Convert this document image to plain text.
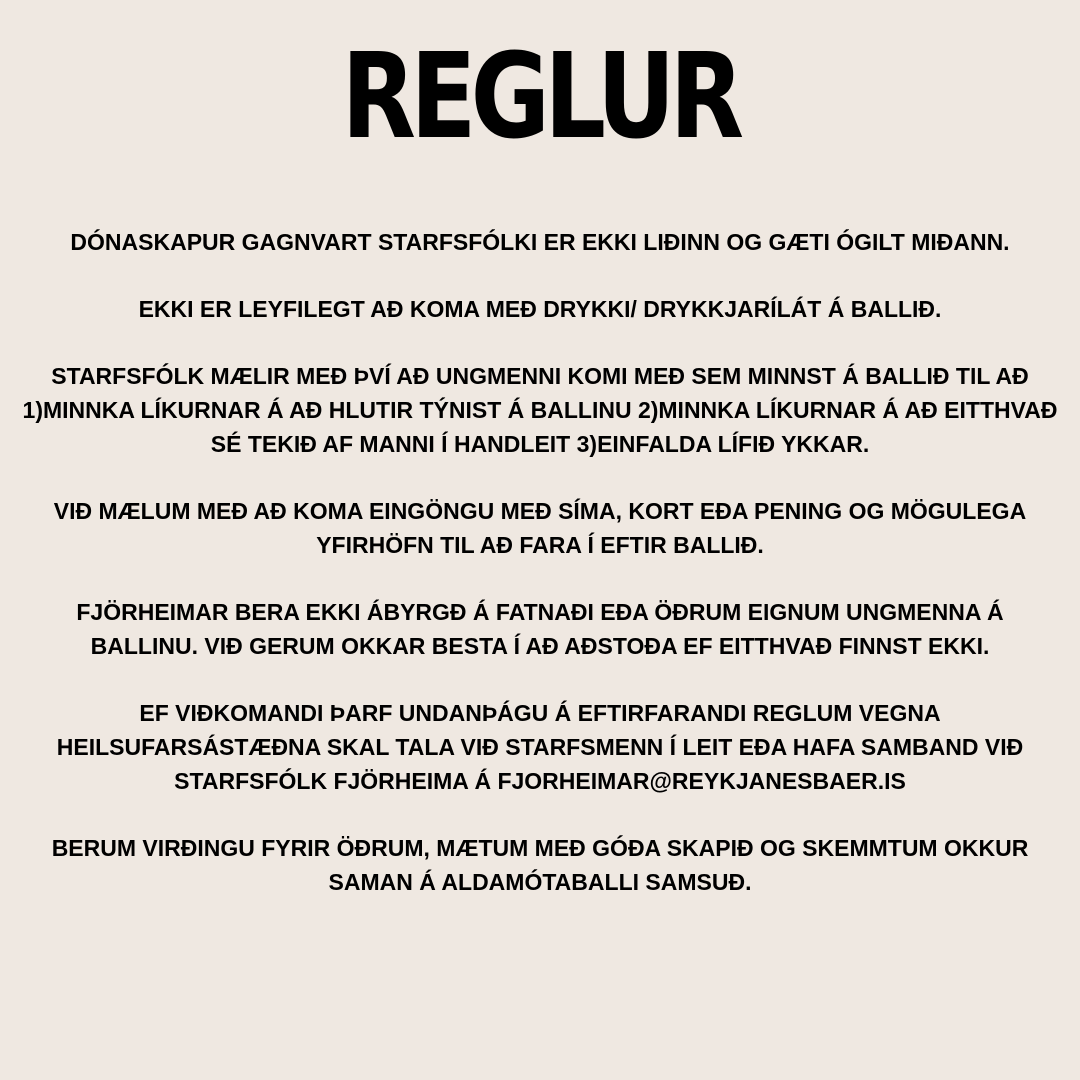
REGLUR

DÓNASKAPUR GAGNVART STARFSFÓLKI ER EKKI LIÐINN OG GÆTI ÓGILT MIÐANN.

EKKI ER LEYFILEGT AÐ KOMA MEÐ DRYKKI/ DRYKKJARÍLÁT Á BALLIÐ.

STARFSFÓLK MÆLIR MEÐ ÞVÍ AÐ UNGMENNI KOMI MEÐ SEM MINNST Á BALLIÐ TIL AÐ 1)MINNKA LÍKURNAR Á AÐ HLUTIR TÝNIST Á BALLINU 2)MINNKA LÍKURNAR Á AÐ EITTHVAÐ SÉ TEKIÐ AF MANNI Í HANDLEIT 3)EINFALDA LÍFIÐ YKKAR.

VIÐ MÆLUM MEÐ AÐ KOMA EINGÖNGU MEÐ SÍMA, KORT EÐA PENING OG MÖGULEGA YFIRHÖFN TIL AÐ FARA Í EFTIR BALLIÐ.

FJÖRHEIMAR BERA EKKI ÁBYRGÐ Á FATNAÐI EÐA ÖÐRUM EIGNUM UNGMENNA Á BALLINU. VIÐ GERUM OKKAR BESTA Í AÐ AÐSTOÐA EF EITTHVAÐ FINNST EKKI.

EF VIÐKOMANDI ÞARF UNDANÞÁGU Á EFTIRFARANDI REGLUM VEGNA HEILSUFARSÁSTÆÐNA SKAL TALA VIÐ STARFSMENN Í LEIT EÐA HAFA SAMBAND VIÐ STARFSFÓLK FJÖRHEIMA Á FJORHEIMAR@REYKJANESBAER.IS

BERUM VIRÐINGU FYRIR ÖÐRUM, MÆTUM MEÐ GÓÐA SKAPIÐ OG SKEMMTUM OKKUR SAMAN Á ALDAMÓTABALLI SAMSUÐ.
